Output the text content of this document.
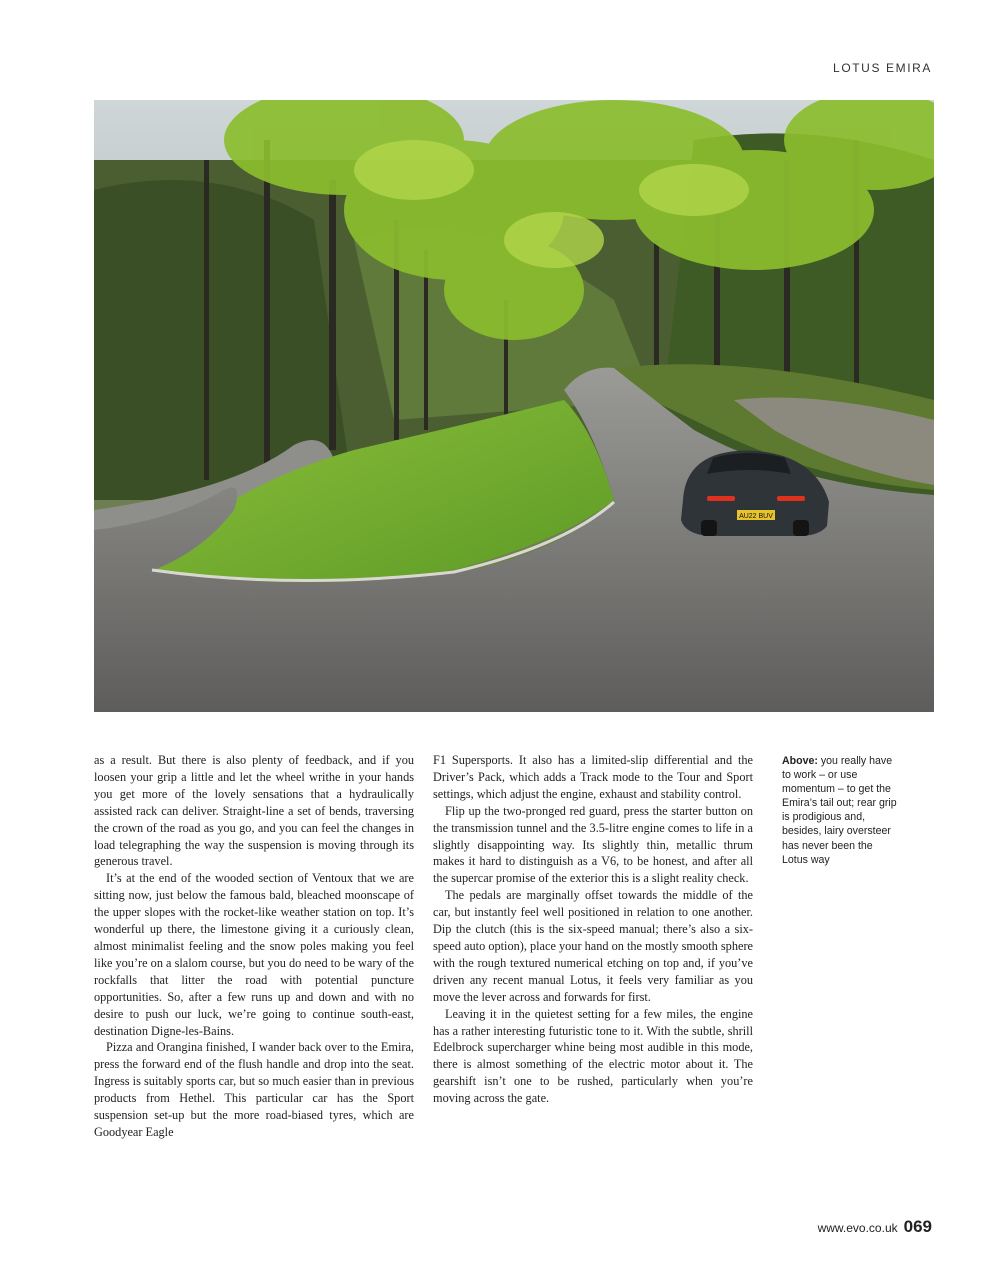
LOTUS EMIRA
AU22 BUV

as a result. But there is also plenty of feedback, and if you loosen your grip a little and let the wheel writhe in your hands you get more of the lovely sensations that a hydraulically assisted rack can deliver. Straight-line a set of bends, traversing the crown of the road as you go, and you can feel the changes in load telegraphing the way the suspension is moving through its generous travel.

It’s at the end of the wooded section of Ventoux that we are sitting now, just below the famous bald, bleached moonscape of the upper slopes with the rocket-like weather station on top. It’s wonderful up there, the limestone giving it a curiously clean, almost minimalist feeling and the snow poles making you feel like you’re on a slalom course, but you do need to be wary of the rockfalls that litter the road with potential puncture opportunities. So, after a few runs up and down and with no desire to push our luck, we’re going to continue south-east, destination Digne-les-Bains.

Pizza and Orangina finished, I wander back over to the Emira, press the forward end of the flush handle and drop into the seat. Ingress is suitably sports car, but so much easier than in previous products from Hethel. This particular car has the Sport suspension set-up but the more road-biased tyres, which are Goodyear Eagle

F1 Supersports. It also has a limited-slip differential and the Driver’s Pack, which adds a Track mode to the Tour and Sport settings, which adjust the engine, exhaust and stability control.

Flip up the two-pronged red guard, press the starter button on the transmission tunnel and the 3.5-litre engine comes to life in a slightly disappointing way. Its slightly thin, metallic thrum makes it hard to distinguish as a V6, to be honest, and after all the supercar promise of the exterior this is a slight reality check.

The pedals are marginally offset towards the middle of the car, but instantly feel well positioned in relation to one another. Dip the clutch (this is the six-speed manual; there’s also a six-speed auto option), place your hand on the mostly smooth sphere with the rough textured numerical etching on top and, if you’ve driven any recent manual Lotus, it feels very familiar as you move the lever across and forwards for first.

Leaving it in the quietest setting for a few miles, the engine has a rather interesting futuristic tone to it. With the subtle, shrill Edelbrock supercharger whine being most audible in this mode, there is almost something of the electric motor about it. The gearshift isn’t one to be rushed, particularly when you’re moving across the gate.

Above: you really have to work – or use momentum – to get the Emira’s tail out; rear grip is prodigious and, besides, lairy oversteer has never been the Lotus way
www.evo.co.uk 069
